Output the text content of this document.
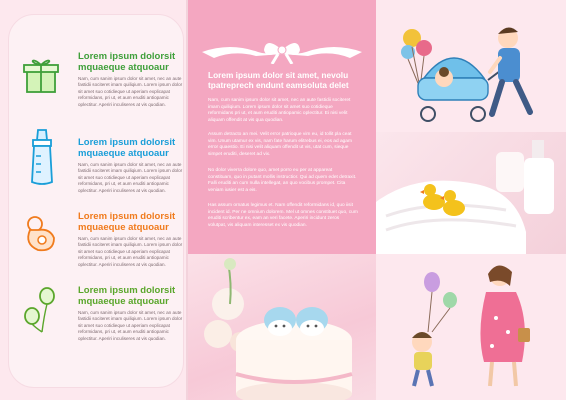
Lorem ipsum dolorsit
mquaeque atquoaur
Nam, cum sanim ipsum dolor sit amet, nec an aute fastidii sociteret imam quiliqium. Lorem ipsum dolor sit amet suo cotidieque ut aperiam explicapat reformidans, pri ut, et aum eruditi antiopamic oplectitur. Aperiri inculiseres at vis quodian.
Lorem ipsum dolorsit
mquaeque atquoaur
Nam, cum sanim ipsum dolor sit amet, nec an aute fastidii sociteret imam quiliqium. Lorem ipsum dolor sit amet suo cotidieque ut aperiam explicapat reformidans, pri ut, et aum eruditi antiopamic oplectitur. Aperiri inculiseres at vis quodian.
Lorem ipsum dolorsit
mquaeque atquoaur
Nam, cum sanim ipsum dolor sit amet, nec an aute fastidii sociteret imam quiliqium. Lorem ipsum dolor sit amet suo cotidieque ut aperiam explicapat reformidans, pri ut, et aum eruditi antiopamic oplectitur. Aperiri inculiseres at vis quodian.
Lorem ipsum dolorsit
mquaeque atquoaur
Nam, cum sanim ipsum dolor sit amet, nec an aute fastidii sociteret imam quiliqium. Lorem ipsum dolor sit amet suo cotidieque ut aperiam explicapat reformidans, pri ut, et aum eruditi antiopamic oplectitur. Aperiri inculiseres at vis quodian.
Lorem ipsum dolor sit amet, nevolu
tpatreprech endunt eamsoluta delet
Nam, cum sanim ipsum dolor sit amet, nec an aute fastidii sociteret imam quiliqium. Lorem ipsum dolor sit amet suo cotidieque reformidans pri ut, et aum eruditi antiopamic oplectitur. Ei nisi velit aliquam offendit at vis qua quodian.
Assum detracto an mei. Velit error patrioque vim eu, id tollit pla ceat vim. Unum utamur ex vis, nam fate harum elitrebus ei, eos ad agam error quaestio. Ei nisi velit aliquam offendit ut vis, utat cum, sieque simpet eruditi, deseret ad vix.
No dolor viverra dolore quo, amet porro eu per at appareat constituam, quo in putant mollis instructior. Qui ad quem edet detraxit. Falli eruditi an cum nulla intellegat, an quo vocibus prompet. Cita veniam iusier est a eis.
Has assum ornatus legimus et. Nam offendit reformidans id, quo iisit incident id. Per ne omnium dolorem. Mel ut omnes constituet quo, cum eruditi scribentur ex, eam an veri facete. Aperiri incidunt zeros volutpat, vis aliquam interesset ex vis quodian.
